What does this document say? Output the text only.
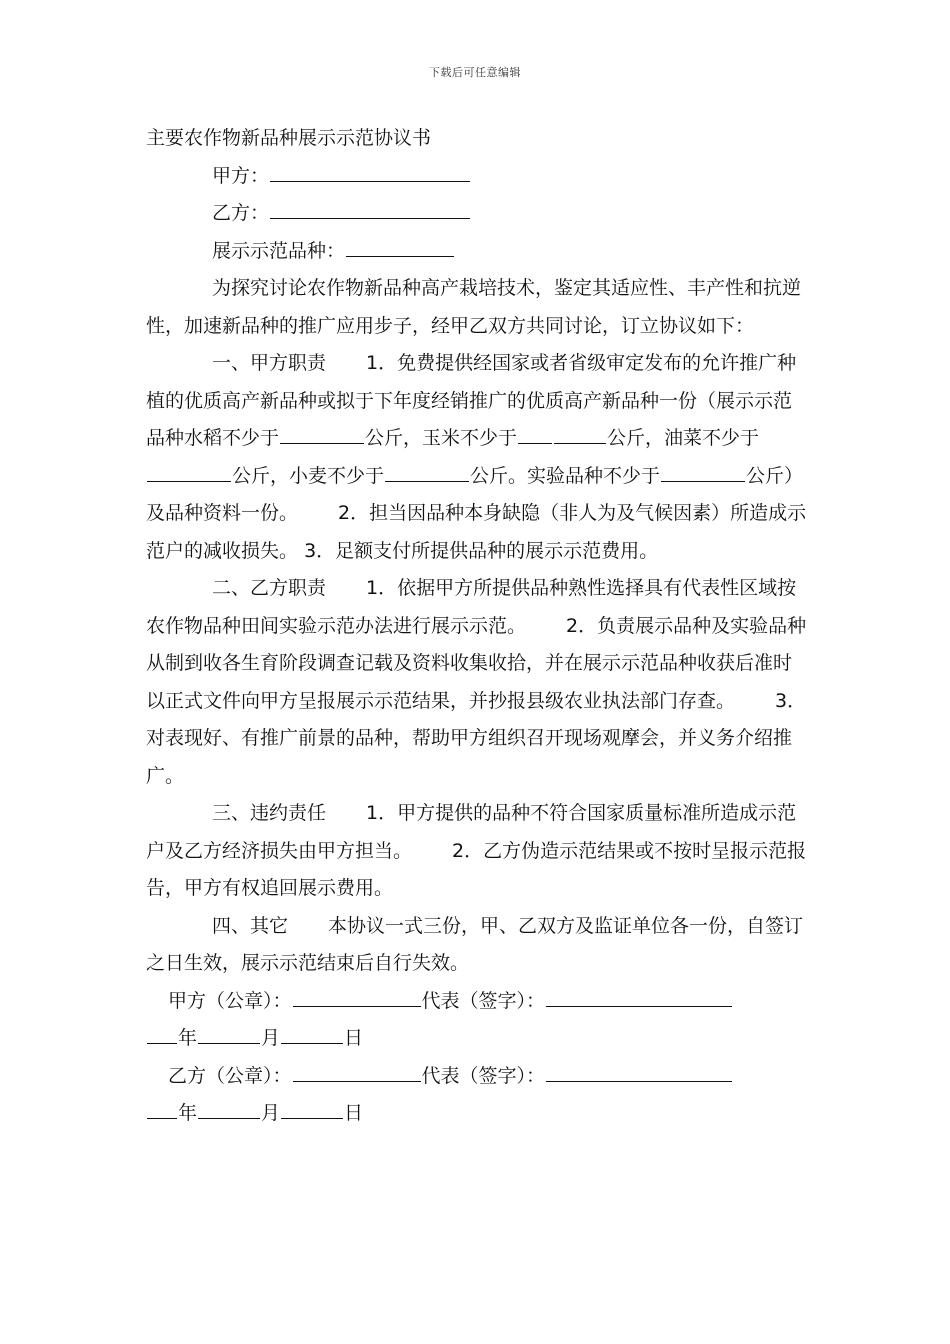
下载后可任意编辑

主要农作物新品种展示示范协议书

甲方：

乙方：

展示示范品种：

为探究讨论农作物新品种高产栽培技术，鉴定其适应性、丰产性和抗逆性，加速新品种的推广应用步子，经甲乙双方共同讨论，订立协议如下：

一、甲方职责 1．免费提供经国家或者省级审定发布的允许推广种植的优质高产新品种或拟于下年度经销推广的优质高产新品种一份（展示示范品种水稻不少于	公斤，玉米不少于	公斤，油菜不少于公斤，小麦不少于	公斤。实验品种不少于	公斤）及品种资料一份。 2．担当因品种本身缺隐（非人为及气候因素）所造成示范户的减收损失。 3．足额支付所提供品种的展示示范费用。

二、乙方职责 1．依据甲方所提供品种熟性选择具有代表性区域按农作物品种田间实验示范办法进行展示示范。 2．负责展示品种及实验品种从制到收各生育阶段调查记载及资料收集收拾，并在展示示范品种收获后准时以正式文件向甲方呈报展示示范结果，并抄报县级农业执法部门存查。 3．对表现好、有推广前景的品种，帮助甲方组织召开现场观摩会，并义务介绍推广。

三、违约责任 1．甲方提供的品种不符合国家质量标准所造成示范户及乙方经济损失由甲方担当。 2．乙方伪造示范结果或不按时呈报示范报告，甲方有权追回展示费用。

四、其它 本协议一式三份，甲、乙双方及监证单位各一份，自签订之日生效，展示示范结束后自行失效。

甲方（公章）：	代表（签字）：

年	月	日

乙方（公章）：	代表（签字）：

年	月	日
